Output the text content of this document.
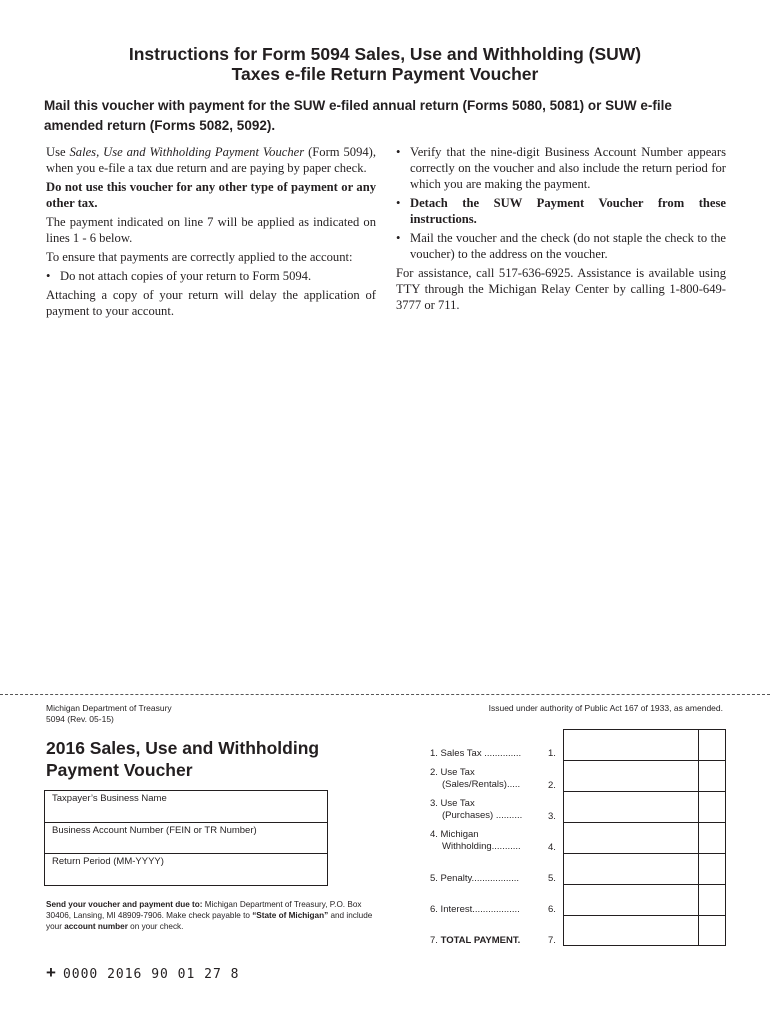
Instructions for Form 5094 Sales, Use and Withholding (SUW)
Taxes e-file Return Payment Voucher
Mail this voucher with payment for the SUW e-filed annual return (Forms 5080, 5081) or SUW e-file amended return (Forms 5082, 5092).

Use Sales, Use and Withholding Payment Voucher (Form 5094), when you e-file a tax due return and are paying by paper check.

Do not use this voucher for any other type of payment or any other tax.

The payment indicated on line 7 will be applied as indicated on lines 1 - 6 below.

To ensure that payments are correctly applied to the account:

• Do not attach copies of your return to Form 5094.

Attaching a copy of your return will delay the application of payment to your account.

• Verify that the nine-digit Business Account Number appears correctly on the voucher and also include the return period for which you are making the payment.
• Detach the SUW Payment Voucher from these instructions.
• Mail the voucher and the check (do not staple the check to the voucher) to the address on the voucher.

For assistance, call 517-636-6925. Assistance is available using TTY through the Michigan Relay Center by calling 1-800-649-3777 or 711.

Michigan Department of Treasury
5094 (Rev. 05-15)
Issued under authority of Public Act 167 of 1933, as amended.
2016 Sales, Use and Withholding
Payment Voucher
Taxpayer’s Business Name
Business Account Number (FEIN or TR Number)
Return Period (MM-YYYY)
Send your voucher and payment due to: Michigan Department of Treasury, P.O. Box 30406, Lansing, MI 48909-7906. Make check payable to “State of Michigan” and include your account number on your check.
1. Sales Tax ..............	1.
2. Use Tax
(Sales/Rentals).....	2.
3. Use Tax
(Purchases) ..........	3.
4. Michigan
Withholding...........	4.
5. Penalty..................	5.
6. Interest..................	6.
7. TOTAL PAYMENT.	7.
+ 0000 2016 90 01 27 8
